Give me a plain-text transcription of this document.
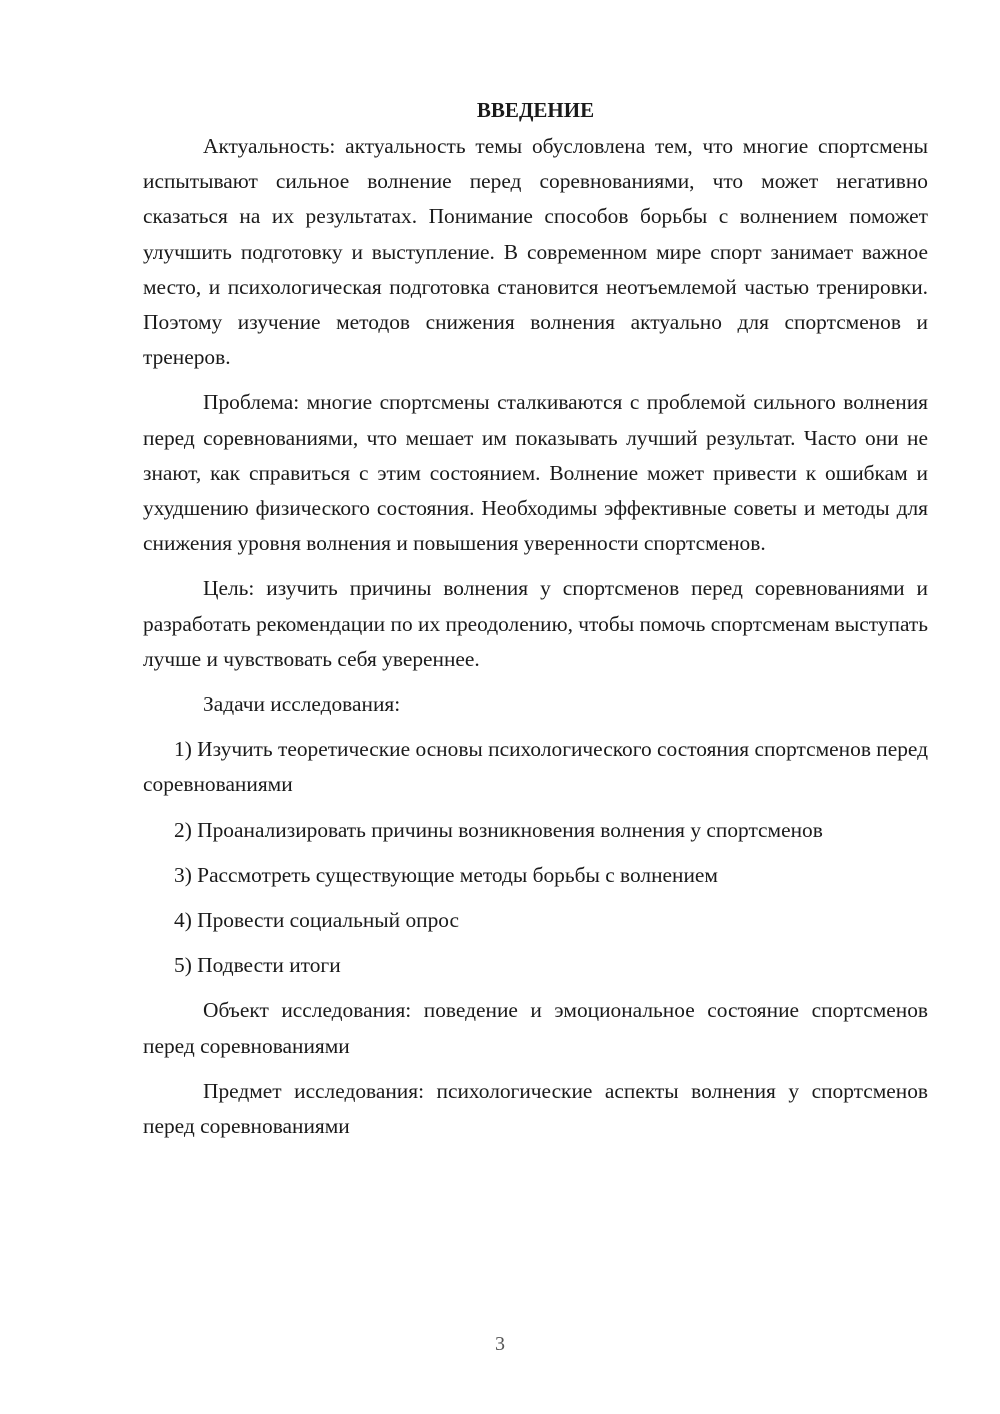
ВВЕДЕНИЕ

Актуальность: актуальность темы обусловлена тем, что многие спортсмены испытывают сильное волнение перед соревнованиями, что может негативно сказаться на их результатах. Понимание способов борьбы с волнением поможет улучшить подготовку и выступление. В современном мире спорт занимает важное место, и психологическая подготовка становится неотъемлемой частью тренировки. Поэтому изучение методов снижения волнения актуально для спортсменов и тренеров.

Проблема: многие спортсмены сталкиваются с проблемой сильного волнения перед соревнованиями, что мешает им показывать лучший результат. Часто они не знают, как справиться с этим состоянием. Волнение может привести к ошибкам и ухудшению физического состояния. Необходимы эффективные советы и методы для снижения уровня волнения и повышения уверенности спортсменов.

Цель: изучить причины волнения у спортсменов перед соревнованиями и разработать рекомендации по их преодолению, чтобы помочь спортсменам выступать лучше и чувствовать себя увереннее.

Задачи исследования:

1) Изучить теоретические основы психологического состояния спортсменов перед соревнованиями

2) Проанализировать причины возникновения волнения у спортсменов

3) Рассмотреть существующие методы борьбы с волнением

4) Провести социальный опрос

5) Подвести итоги

Объект исследования: поведение и эмоциональное состояние спортсменов перед соревнованиями

Предмет исследования: психологические аспекты волнения у спортсменов перед соревнованиями

3
